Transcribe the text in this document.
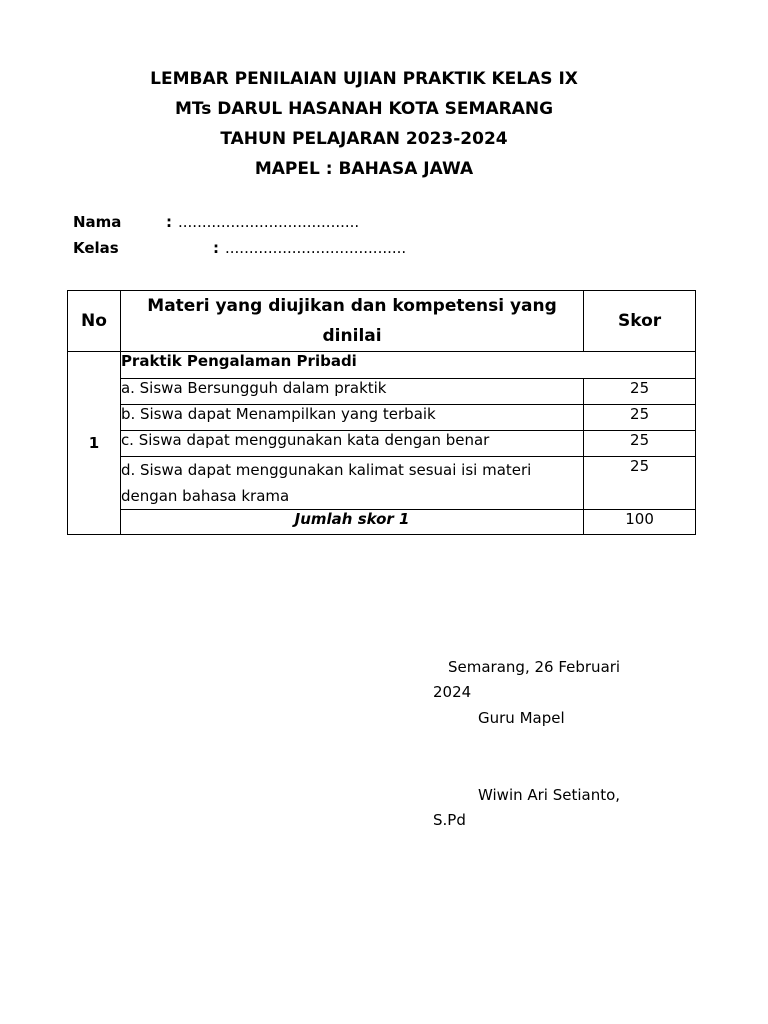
LEMBAR PENILAIAN UJIAN PRAKTIK KELAS IX
MTs DARUL HASANAH KOTA SEMARANG
TAHUN PELAJARAN 2023-2024
MAPEL : BAHASA JAWA
Nama	: ......................................
Kelas	: ......................................
No	Materi yang diujikan dan kompetensi yang dinilai	Skor
1	Praktik Pengalaman Pribadi	
	a. Siswa Bersungguh dalam praktik	25
	b. Siswa dapat Menampilkan yang terbaik	25
	c. Siswa dapat menggunakan kata dengan benar	25
	d. Siswa dapat menggunakan kalimat sesuai isi materi dengan bahasa krama	25
	Jumlah skor 1	100
Semarang, 26 Februari
2024
Guru Mapel
Wiwin Ari Setianto,
S.Pd
